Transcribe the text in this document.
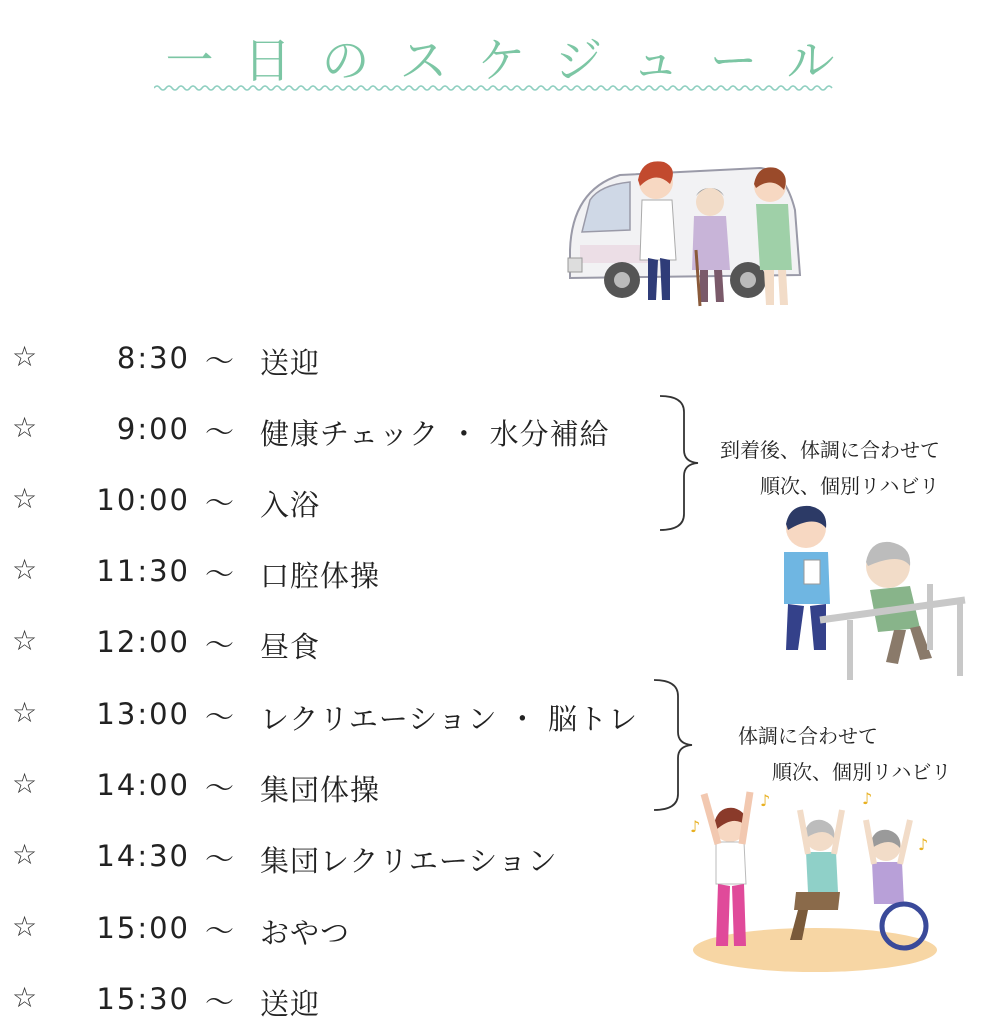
一日のスケジュール
☆	8:30 ～ 送迎
☆	9:00 ～ 健康チェック ・ 水分補給
☆	10:00 ～ 入浴
☆	11:30 ～ 口腔体操
☆	12:00 ～ 昼食
☆	13:00 ～ レクリエーション ・ 脳トレ
☆	14:00 ～ 集団体操
☆	14:30 ～ 集団レクリエーション
☆	15:00 ～ おやつ
☆	15:30 ～ 送迎
到着後、体調に合わせて
順次、個別リハビリ
体調に合わせて
順次、個別リハビリ
♪
♪
♪
♪
